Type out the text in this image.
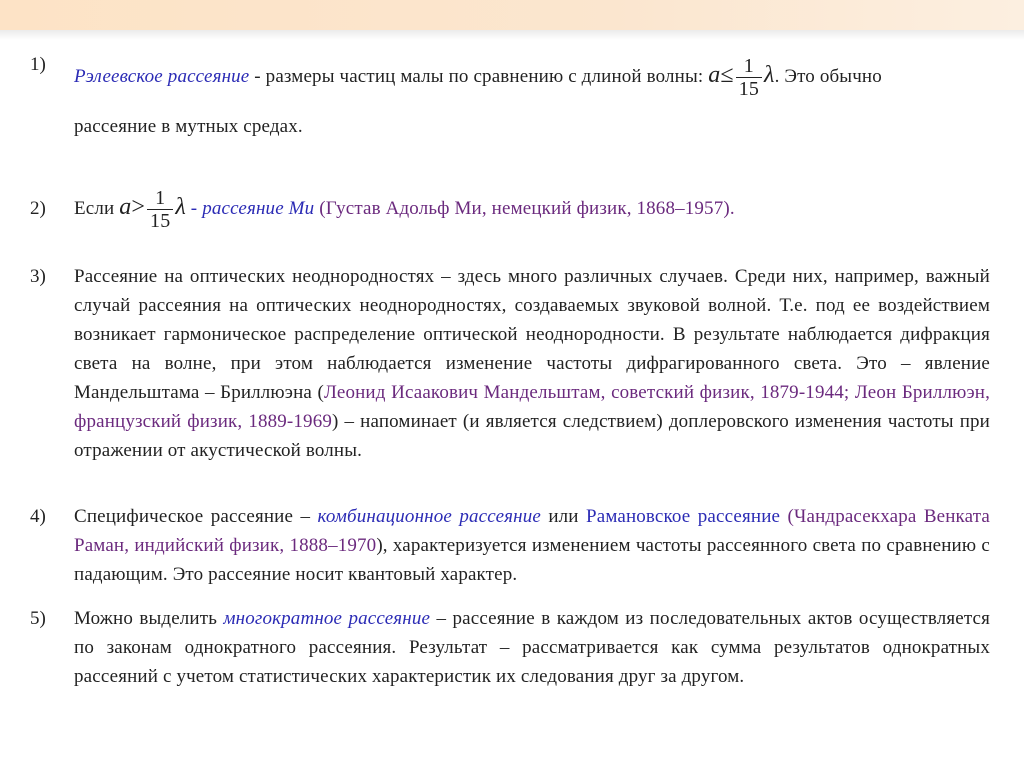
1)
Рэлеевское рассеяние - размеры частиц малы по сравнению с длиной волны: $a\le \frac{1}{15} \lambda$. Это обычно
рассеяние в мутных средах.
2)	Если $a> \frac{1}{15}$ λ - рассеяние Ми (Густав Адольф Ми, немецкий физик, 1868–1957).
3)	Рассеяние на оптических неоднородностях – здесь много различных случаев. Среди них, например, важный случай рассеяния на оптических неоднородностях, создаваемых звуковой волной. Т.е. под ее воздействием возникает гармоническое распределение оптической неоднородности. В результате наблюдается дифракция света на волне, при этом наблюдается изменение частоты дифрагированного света. Это – явление Мандельштама – Бриллюэна (Леонид Исаакович Мандельштам, советский физик, 1879-1944; Леон Бриллюэн, французский физик, 1889-1969) – напоминает (и является следствием) доплеровского изменения частоты при отражении от акустической волны.
4)	Специфическое рассеяние – комбинационное рассеяние или Рамановское рассеяние (Чандрасекхара Венката Раман, индийский физик, 1888–1970), характеризуется изменением частоты рассеянного света по сравнению с падающим. Это рассеяние носит квантовый характер.
5)	Можно выделить многократное рассеяние – рассеяние в каждом из последовательных актов осуществляется по законам однократного рассеяния. Результат – рассматривается как сумма результатов однократных рассеяний с учетом статистических характеристик их следования друг за другом.
